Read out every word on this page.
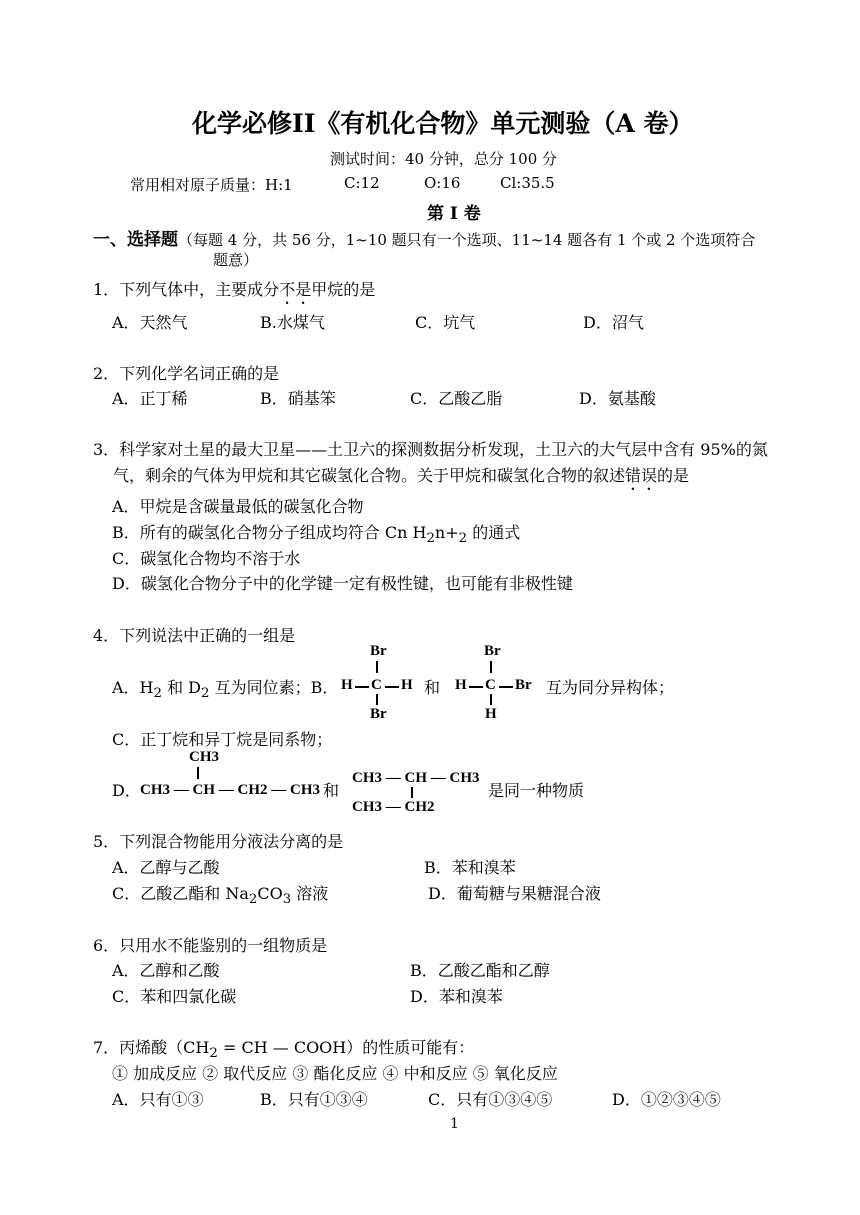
化学必修II《有机化合物》单元测验（A 卷）
测试时间：40 分钟，总分 100 分
常用相对原子质量：H:1	C:12	O:16	Cl:35.5
第 I 卷
一、选择题（每题 4 分，共 56 分，1~10 题只有一个选项、11~14 题各有 1 个或 2 个选项符合
题意）
1．下列气体中，主要成分不是甲烷的是
A．天然气	B.水煤气	C．坑气	D．沼气
2．下列化学名词正确的是
A．正丁稀	B．硝基笨	C．乙酸乙脂	D．氨基酸
3．科学家对土星的最大卫星——土卫六的探测数据分析发现，土卫六的大气层中含有 95%的氮
气，剩余的气体为甲烷和其它碳氢化合物。关于甲烷和碳氢化合物的叙述错误的是
A．甲烷是含碳量最低的碳氢化合物
B．所有的碳氢化合物分子组成均符合 Cn $H_2n+_2$ 的通式
C．碳氢化合物均不溶于水
D．碳氢化合物分子中的化学键一定有极性键，也可能有非极性键
4．下列说法中正确的一组是
A．$H_2$ 和 $D_2$ 互为同位素；B．
Br
H C H
Br
和
Br
H C Br
H
互为同分异构体；
C．正丁烷和异丁烷是同系物；
D．
CH3
CH3 — CH — CH2 — CH3 和
CH3 — CH — CH3
CH3 — CH2
是同一种物质
5．下列混合物能用分液法分离的是
A．乙醇与乙酸	B．苯和溴苯
C．乙酸乙酯和 $Na_2CO_3$ 溶液	D．葡萄糖与果糖混合液
6．只用水不能鉴别的一组物质是
A．乙醇和乙酸	B．乙酸乙酯和乙醇
C．苯和四氯化碳	D．苯和溴苯
7．丙烯酸（$CH_2$ = CH — COOH）的性质可能有：
① 加成反应 ② 取代反应 ③ 酯化反应 ④ 中和反应 ⑤ 氧化反应
A．只有①③	B．只有①③④	C．只有①③④⑤	D．①②③④⑤
1
